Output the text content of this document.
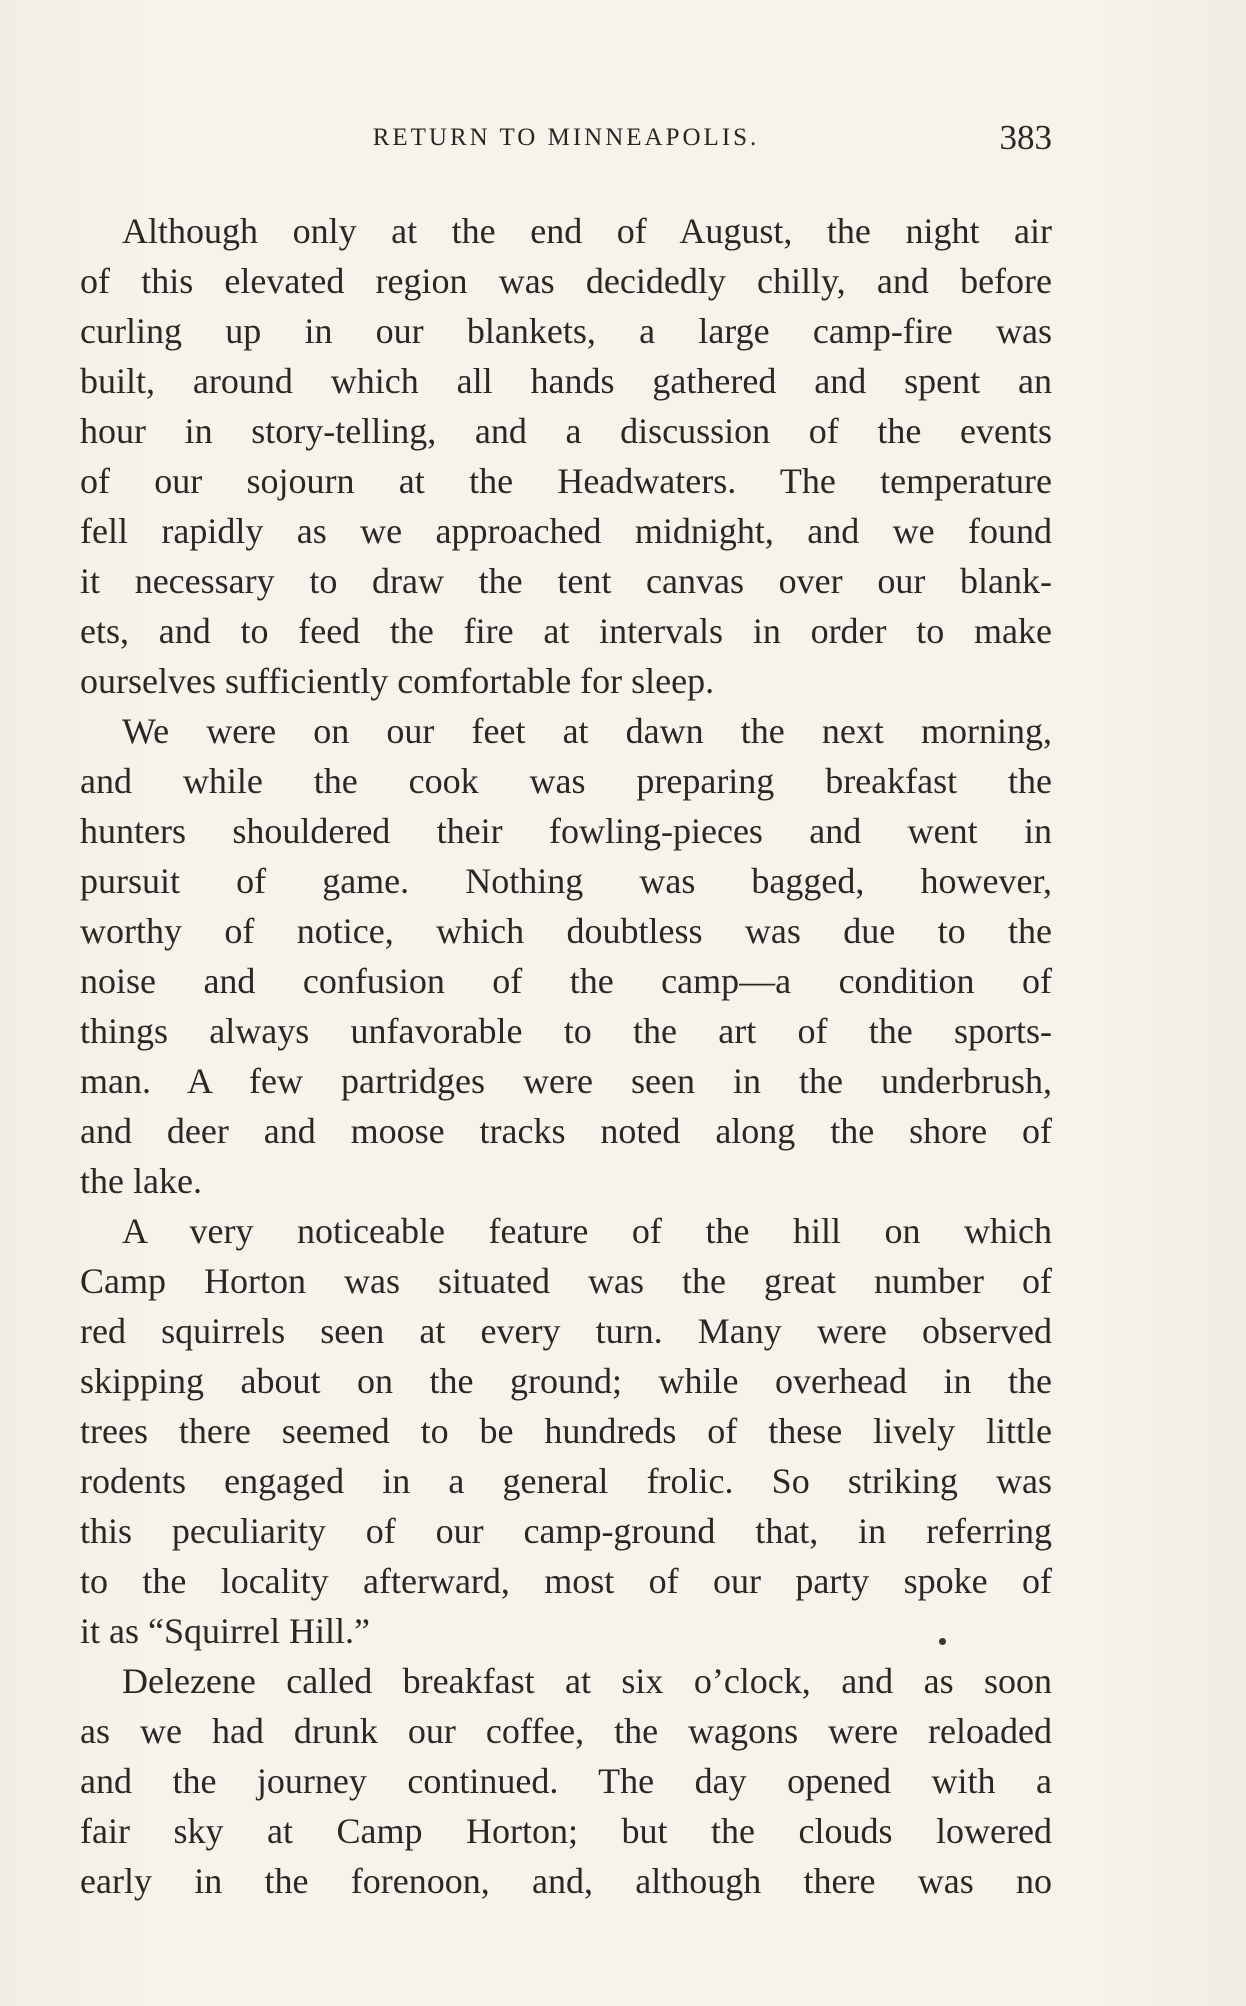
RETURN TO MINNEAPOLIS.	383
Although only at the end of August, the night air
of this elevated region was decidedly chilly, and before
curling up in our blankets, a large camp-fire was
built, around which all hands gathered and spent an
hour in story-telling, and a discussion of the events
of our sojourn at the Headwaters. The temperature
fell rapidly as we approached midnight, and we found
it necessary to draw the tent canvas over our blank-
ets, and to feed the fire at intervals in order to make
ourselves sufficiently comfortable for sleep.
We were on our feet at dawn the next morning,
and while the cook was preparing breakfast the
hunters shouldered their fowling-pieces and went in
pursuit of game. Nothing was bagged, however,
worthy of notice, which doubtless was due to the
noise and confusion of the camp—a condition of
things always unfavorable to the art of the sports-
man. A few partridges were seen in the underbrush,
and deer and moose tracks noted along the shore of
the lake.
A very noticeable feature of the hill on which
Camp Horton was situated was the great number of
red squirrels seen at every turn. Many were observed
skipping about on the ground; while overhead in the
trees there seemed to be hundreds of these lively little
rodents engaged in a general frolic. So striking was
this peculiarity of our camp-ground that, in referring
to the locality afterward, most of our party spoke of
it as “Squirrel Hill.”
Delezene called breakfast at six o’clock, and as soon
as we had drunk our coffee, the wagons were reloaded
and the journey continued. The day opened with a
fair sky at Camp Horton; but the clouds lowered
early in the forenoon, and, although there was no
